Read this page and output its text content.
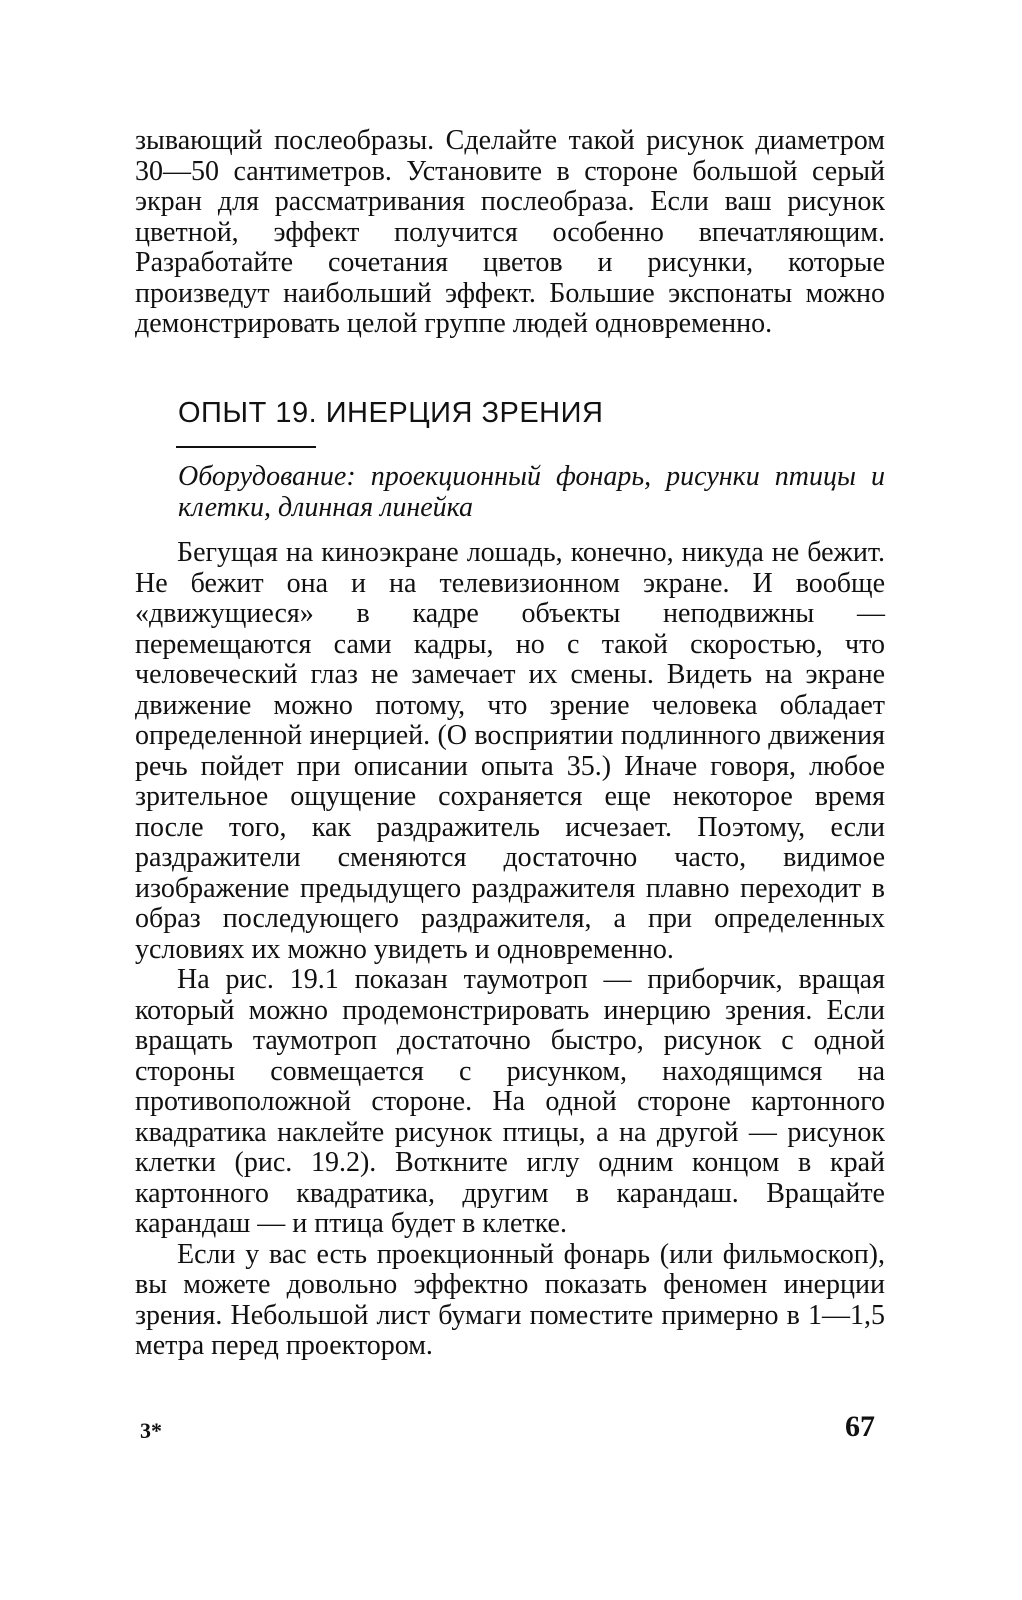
зывающий послеобразы. Сделайте такой рисунок диаметром 30—50 сантиметров. Установите в стороне большой серый экран для рассматривания послеобраза. Если ваш рисунок цветной, эффект получится особенно впечатляющим. Разработайте сочетания цветов и рисунки, которые произведут наибольший эффект. Большие экспонаты можно демонстрировать целой группе людей одновременно.

ОПЫТ 19. ИНЕРЦИЯ ЗРЕНИЯ

Оборудование: проекционный фонарь, рисунки птицы и клетки, длинная линейка

Бегущая на киноэкране лошадь, конечно, никуда не бежит. Не бежит она и на телевизионном экране. И вообще «движущиеся» в кадре объекты неподвижны — перемещаются сами кадры, но с такой скоростью, что человеческий глаз не замечает их смены. Видеть на экране движение можно потому, что зрение человека обладает определенной инерцией. (О восприятии подлинного движения речь пойдет при описании опыта 35.) Иначе говоря, любое зрительное ощущение сохраняется еще некоторое время после того, как раздражитель исчезает. Поэтому, если раздражители сменяются достаточно часто, видимое изображение предыдущего раздражителя плавно переходит в образ последующего раздражителя, а при определенных условиях их можно увидеть и одновременно.

На рис. 19.1 показан таумотроп — приборчик, вращая который можно продемонстрировать инерцию зрения. Если вращать таумотроп достаточно быстро, рисунок с одной стороны совмещается с рисунком, находящимся на противоположной стороне. На одной стороне картонного квадратика наклейте рисунок птицы, а на другой — рисунок клетки (рис. 19.2). Воткните иглу одним концом в край картонного квадратика, другим в карандаш. Вращайте карандаш — и птица будет в клетке.

Если у вас есть проекционный фонарь (или фильмоскоп), вы можете довольно эффектно показать феномен инерции зрения. Небольшой лист бумаги поместите примерно в 1—1,5 метра перед проектором.

3*	67
